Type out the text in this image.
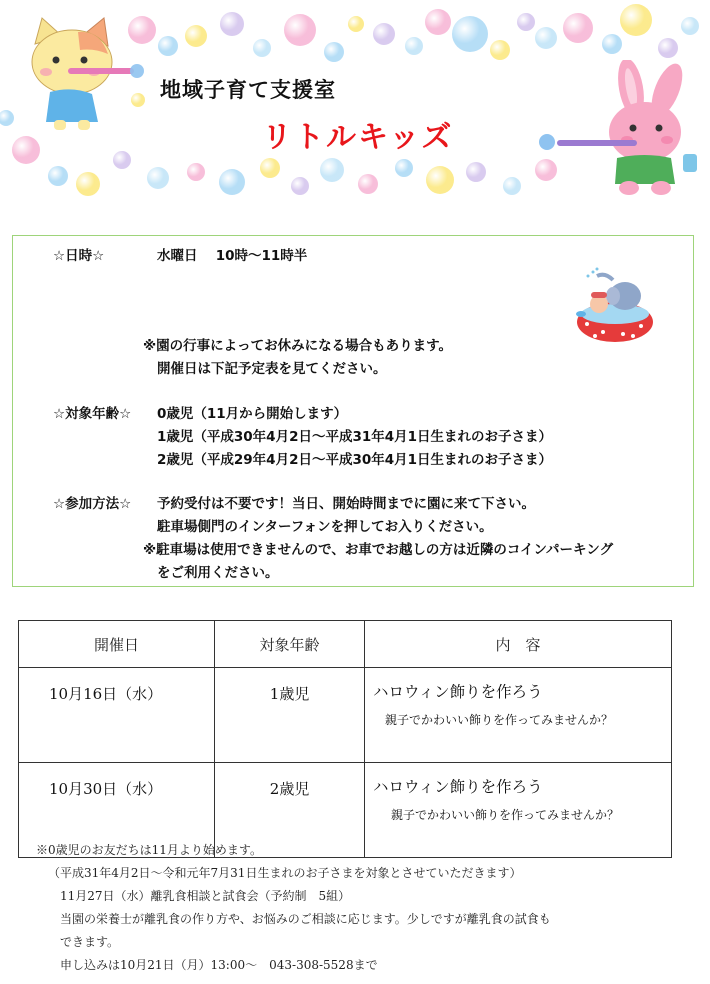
地域子育て支援室
リトルキッズ
☆日時☆	水曜日　 10時～11時半
※園の行事によってお休みになる場合もあります。
開催日は下記予定表を見てください。
☆対象年齢☆ 0歳児（11月から開始します）
1歳児（平成30年4月2日～平成31年4月1日生まれのお子さま）
2歳児（平成29年4月2日～平成30年4月1日生まれのお子さま）
☆参加方法☆ 予約受付は不要です！当日、開始時間までに園に来て下さい。
駐車場側門のインターフォンを押してお入りください。
※駐車場は使用できませんので、お車でお越しの方は近隣のコインパーキング
をご利用ください。
開催日	対象年齢	内　容
10月16日（水）	1歳児	ハロウィン飾りを作ろう
親子でかわいい飾りを作ってみませんか？

10月30日（水）	2歳児	ハロウィン飾りを作ろう
親子でかわいい飾りを作ってみませんか？
※0歳児のお友だちは11月より始めます。
（平成31年4月2日～令和元年7月31日生まれのお子さまを対象とさせていただきます）
11月27日（水）離乳食相談と試食会（予約制　5組）
当園の栄養士が離乳食の作り方や、お悩みのご相談に応じます。少しですが離乳食の試食も
できます。
申し込みは10月21日（月）13:00～　043-308-5528まで
